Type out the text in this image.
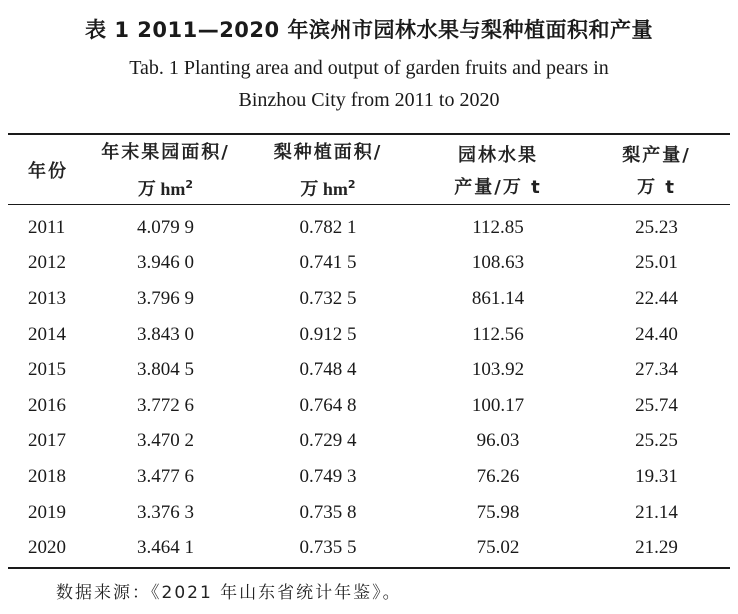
表 1 2011—2020 年滨州市园林水果与梨种植面积和产量
Tab. 1 Planting area and output of garden fruits and pears in
Binzhou City from 2011 to 2020
年份

年末果园面积/
万 $hm^2$

梨种植面积/
万 $hm^2$

园林水果
产量/万 t

梨产量/
万 t
2011	4.079 9	0.782 1	112.85	25.23
2012	3.946 0	0.741 5	108.63	25.01
2013	3.796 9	0.732 5	861.14	22.44
2014	3.843 0	0.912 5	112.56	24.40
2015	3.804 5	0.748 4	103.92	27.34
2016	3.772 6	0.764 8	100.17	25.74
2017	3.470 2	0.729 4	96.03	25.25
2018	3.477 6	0.749 3	76.26	19.31
2019	3.376 3	0.735 8	75.98	21.14
2020	3.464 1	0.735 5	75.02	21.29
数据来源：《2021 年山东省统计年鉴》。
